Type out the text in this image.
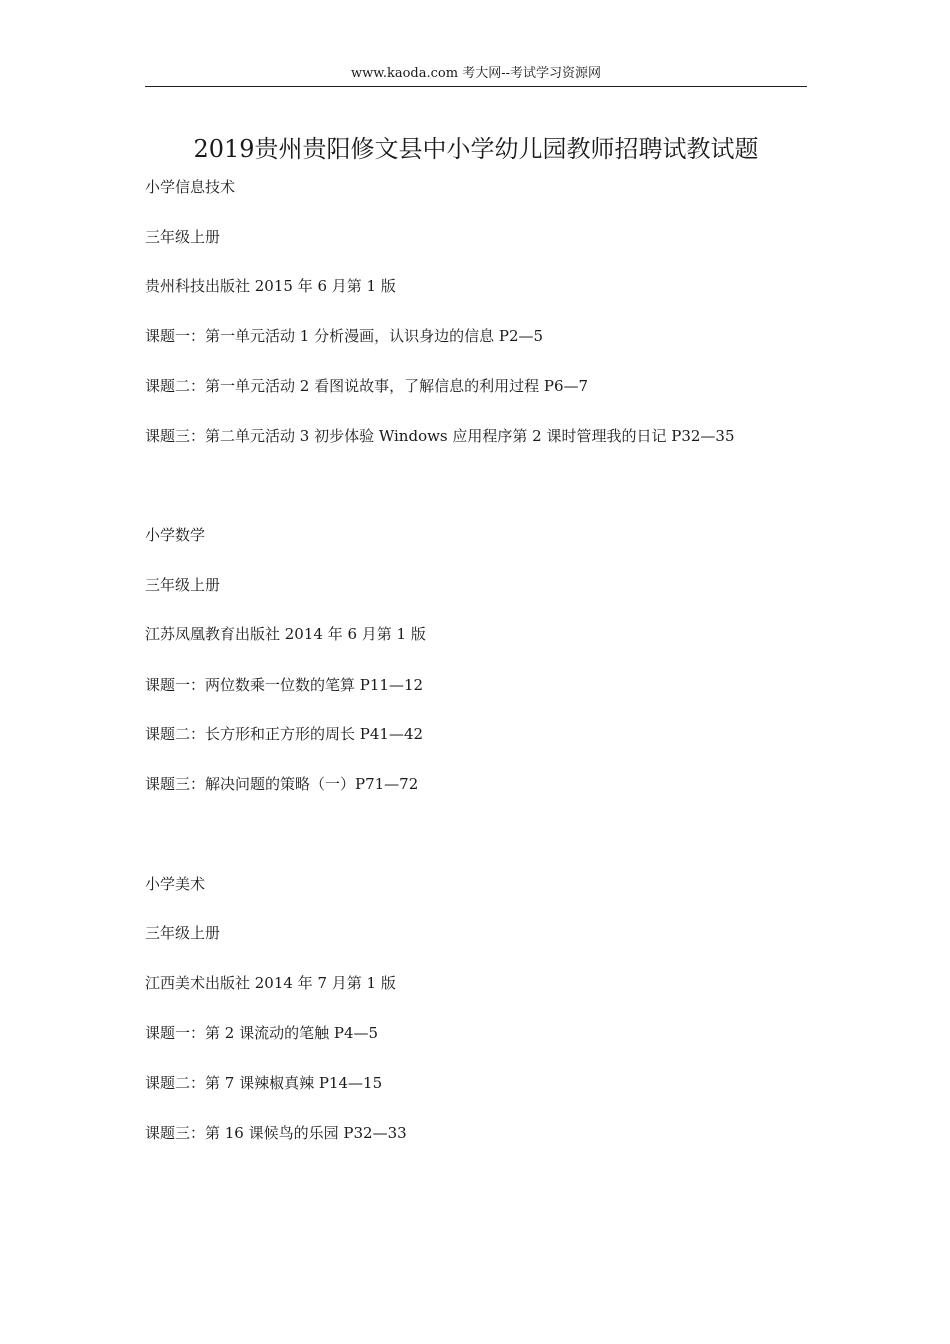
www.kaoda.com 考大网--考试学习资源网
2019贵州贵阳修文县中小学幼儿园教师招聘试教试题
小学信息技术
三年级上册
贵州科技出版社 2015 年 6 月第 1 版
课题一：第一单元活动 1 分析漫画，认识身边的信息 P2—5
课题二：第一单元活动 2 看图说故事，了解信息的利用过程 P6—7
课题三：第二单元活动 3 初步体验 Windows 应用程序第 2 课时管理我的日记 P32—35
小学数学
三年级上册
江苏凤凰教育出版社 2014 年 6 月第 1 版
课题一：两位数乘一位数的笔算 P11—12
课题二：长方形和正方形的周长 P41—42
课题三：解决问题的策略（一）P71—72
小学美术
三年级上册
江西美术出版社 2014 年 7 月第 1 版
课题一：第 2 课流动的笔触 P4—5
课题二：第 7 课辣椒真辣 P14—15
课题三：第 16 课候鸟的乐园 P32—33
